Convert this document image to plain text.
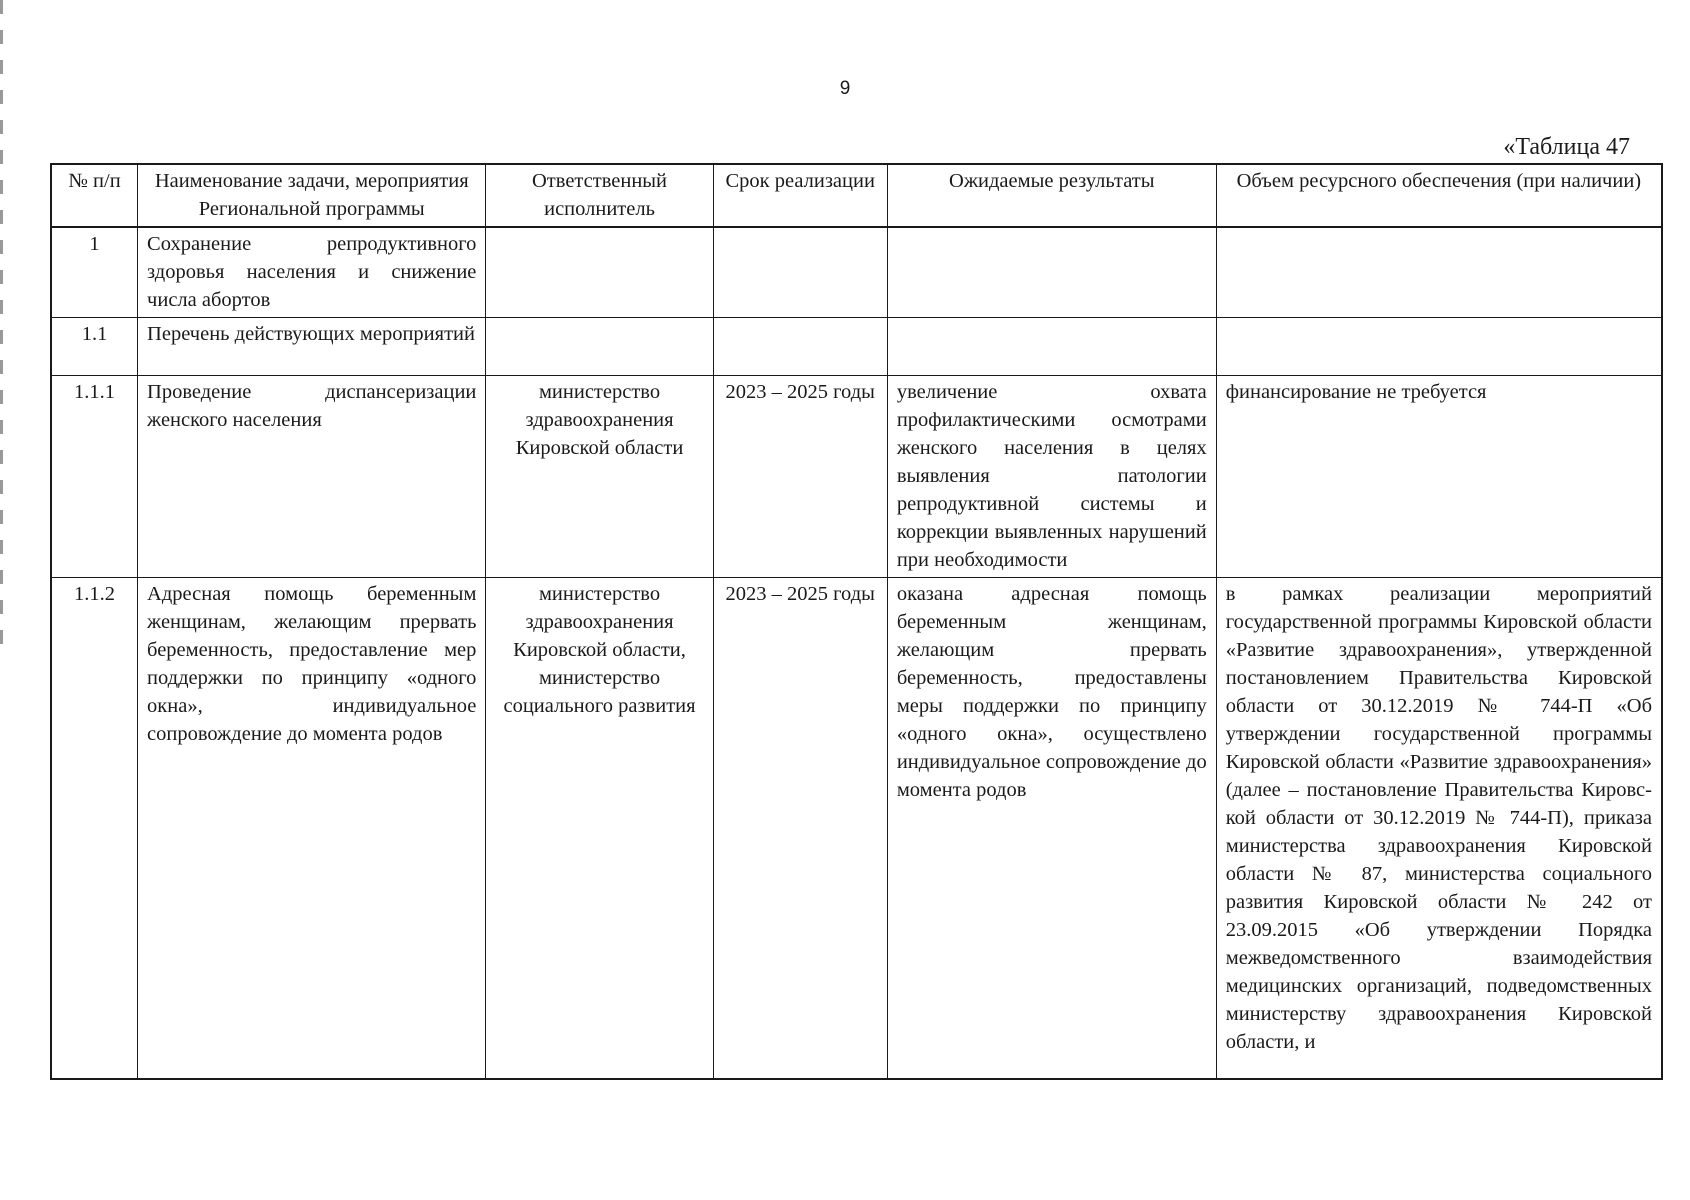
9
«Таблица 47
№ п/п	Наименование задачи, мероприятия Региональной программы	Ответственный исполнитель	Срок реализации	Ожидаемые результаты	Объем ресурсного обеспечения (при наличии)
1	Сохранение репродуктивного здоровья населения и снижение числа абортов				
1.1	Перечень действующих мероприятий				
1.1.1	Проведение диспансеризации женского населения	министерство здравоохранения Кировской области	2023 – 2025 годы	увеличение охвата профилактическими осмотрами женского населения в целях выявления патологии репродуктивной системы и коррекции выявленных нарушений при необходимости	финансирование не требуется
1.1.2	Адресная помощь беременным женщинам, желающим прервать беременность, предоставление мер поддержки по принципу «одного окна», индивидуальное сопровождение до момента родов	министерство здравоохранения Кировской области, министерство социального развития	2023 – 2025 годы	оказана адресная помощь беременным женщинам, желающим прервать беременность, предоставлены меры поддержки по принципу «одного окна», осуществлено индивидуальное сопровождение до момента родов	в рамках реализации мероприятий государственной программы Кировской области «Развитие здравоохранения», утвержденной постановлением Правительства Кировской области от 30.12.2019 № 744-П «Об утверждении государственной программы Кировской области «Развитие здравоохранения» (далее – постановление Правительства Кировской области от 30.12.2019 № 744-П), приказа министерства здравоохранения Кировской области № 87, министерства социального развития Кировской области № 242 от 23.09.2015 «Об утверждении Порядка межведомственного взаимодействия медицинских организаций, подведомственных министерству здравоохранения Кировской области, и
